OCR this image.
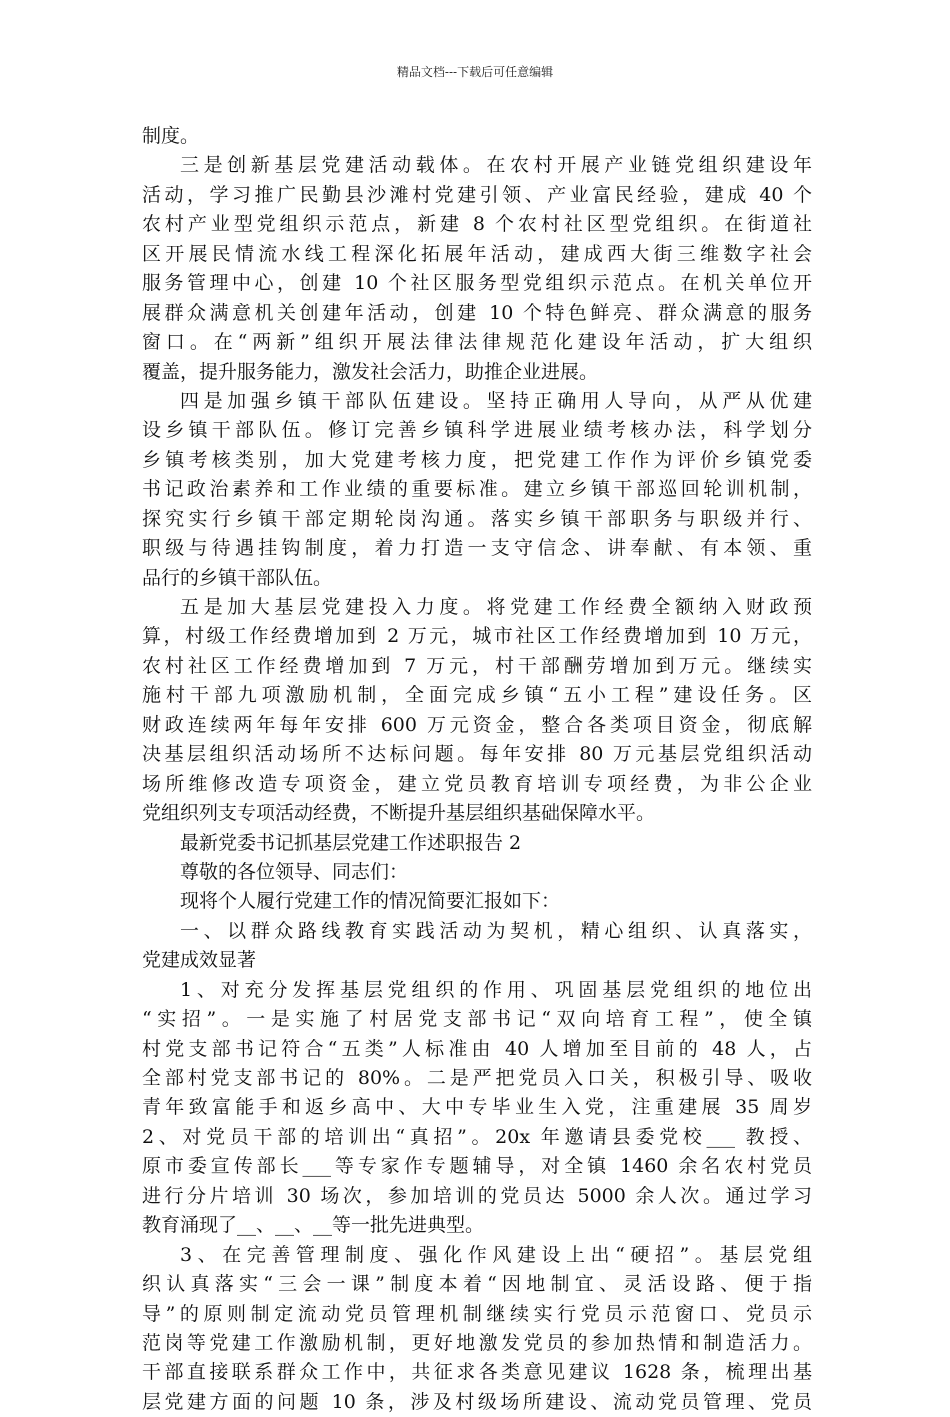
精品文档---下载后可任意编辑
制度。
三是创新基层党建活动载体。在农村开展产业链党组织建设年
活动，学习推广民勤县沙滩村党建引领、产业富民经验，建成 40 个
农村产业型党组织示范点，新建 8 个农村社区型党组织。在街道社
区开展民情流水线工程深化拓展年活动，建成西大街三维数字社会
服务管理中心，创建 10 个社区服务型党组织示范点。在机关单位开
展群众满意机关创建年活动，创建 10 个特色鲜亮、群众满意的服务
窗口。在“两新”组织开展法律法律规范化建设年活动，扩大组织
覆盖，提升服务能力，激发社会活力，助推企业进展。
四是加强乡镇干部队伍建设。坚持正确用人导向，从严从优建
设乡镇干部队伍。修订完善乡镇科学进展业绩考核办法，科学划分
乡镇考核类别，加大党建考核力度，把党建工作作为评价乡镇党委
书记政治素养和工作业绩的重要标准。建立乡镇干部巡回轮训机制，
探究实行乡镇干部定期轮岗沟通。落实乡镇干部职务与职级并行、
职级与待遇挂钩制度，着力打造一支守信念、讲奉献、有本领、重
品行的乡镇干部队伍。
五是加大基层党建投入力度。将党建工作经费全额纳入财政预
算，村级工作经费增加到 2 万元，城市社区工作经费增加到 10 万元，
农村社区工作经费增加到 7 万元，村干部酬劳增加到万元。继续实
施村干部九项激励机制，全面完成乡镇“五小工程”建设任务。区
财政连续两年每年安排 600 万元资金，整合各类项目资金，彻底解
决基层组织活动场所不达标问题。每年安排 80 万元基层党组织活动
场所维修改造专项资金，建立党员教育培训专项经费，为非公企业
党组织列支专项活动经费，不断提升基层组织基础保障水平。
最新党委书记抓基层党建工作述职报告 2
尊敬的各位领导、同志们：
现将个人履行党建工作的情况简要汇报如下：
一、以群众路线教育实践活动为契机，精心组织、认真落实，
党建成效显著
1、对充分发挥基层党组织的作用、巩固基层党组织的地位出
“实招”。一是实施了村居党支部书记“双向培育工程”，使全镇
村党支部书记符合“五类”人标准由 40 人增加至目前的 48 人，占
全部村党支部书记的 80%。二是严把党员入口关，积极引导、吸收
青年致富能手和返乡高中、大中专毕业生入党，注重建展 35 周岁
2、对党员干部的培训出“真招”。20x 年邀请县委党校___ 教授、
原市委宣传部长___等专家作专题辅导，对全镇 1460 余名农村党员
进行分片培训 30 场次，参加培训的党员达 5000 余人次。通过学习
教育涌现了__、__、__等一批先进典型。
3、在完善管理制度、强化作风建设上出“硬招”。基层党组
织认真落实“三会一课”制度本着“因地制宜、灵活设路、便于指
导”的原则制定流动党员管理机制继续实行党员示范窗口、党员示
范岗等党建工作激励机制，更好地激发党员的参加热情和制造活力。
干部直接联系群众工作中，共征求各类意见建议 1628 条，梳理出基
层党建方面的问题 10 条，涉及村级场所建设、流动党员管理、党员
